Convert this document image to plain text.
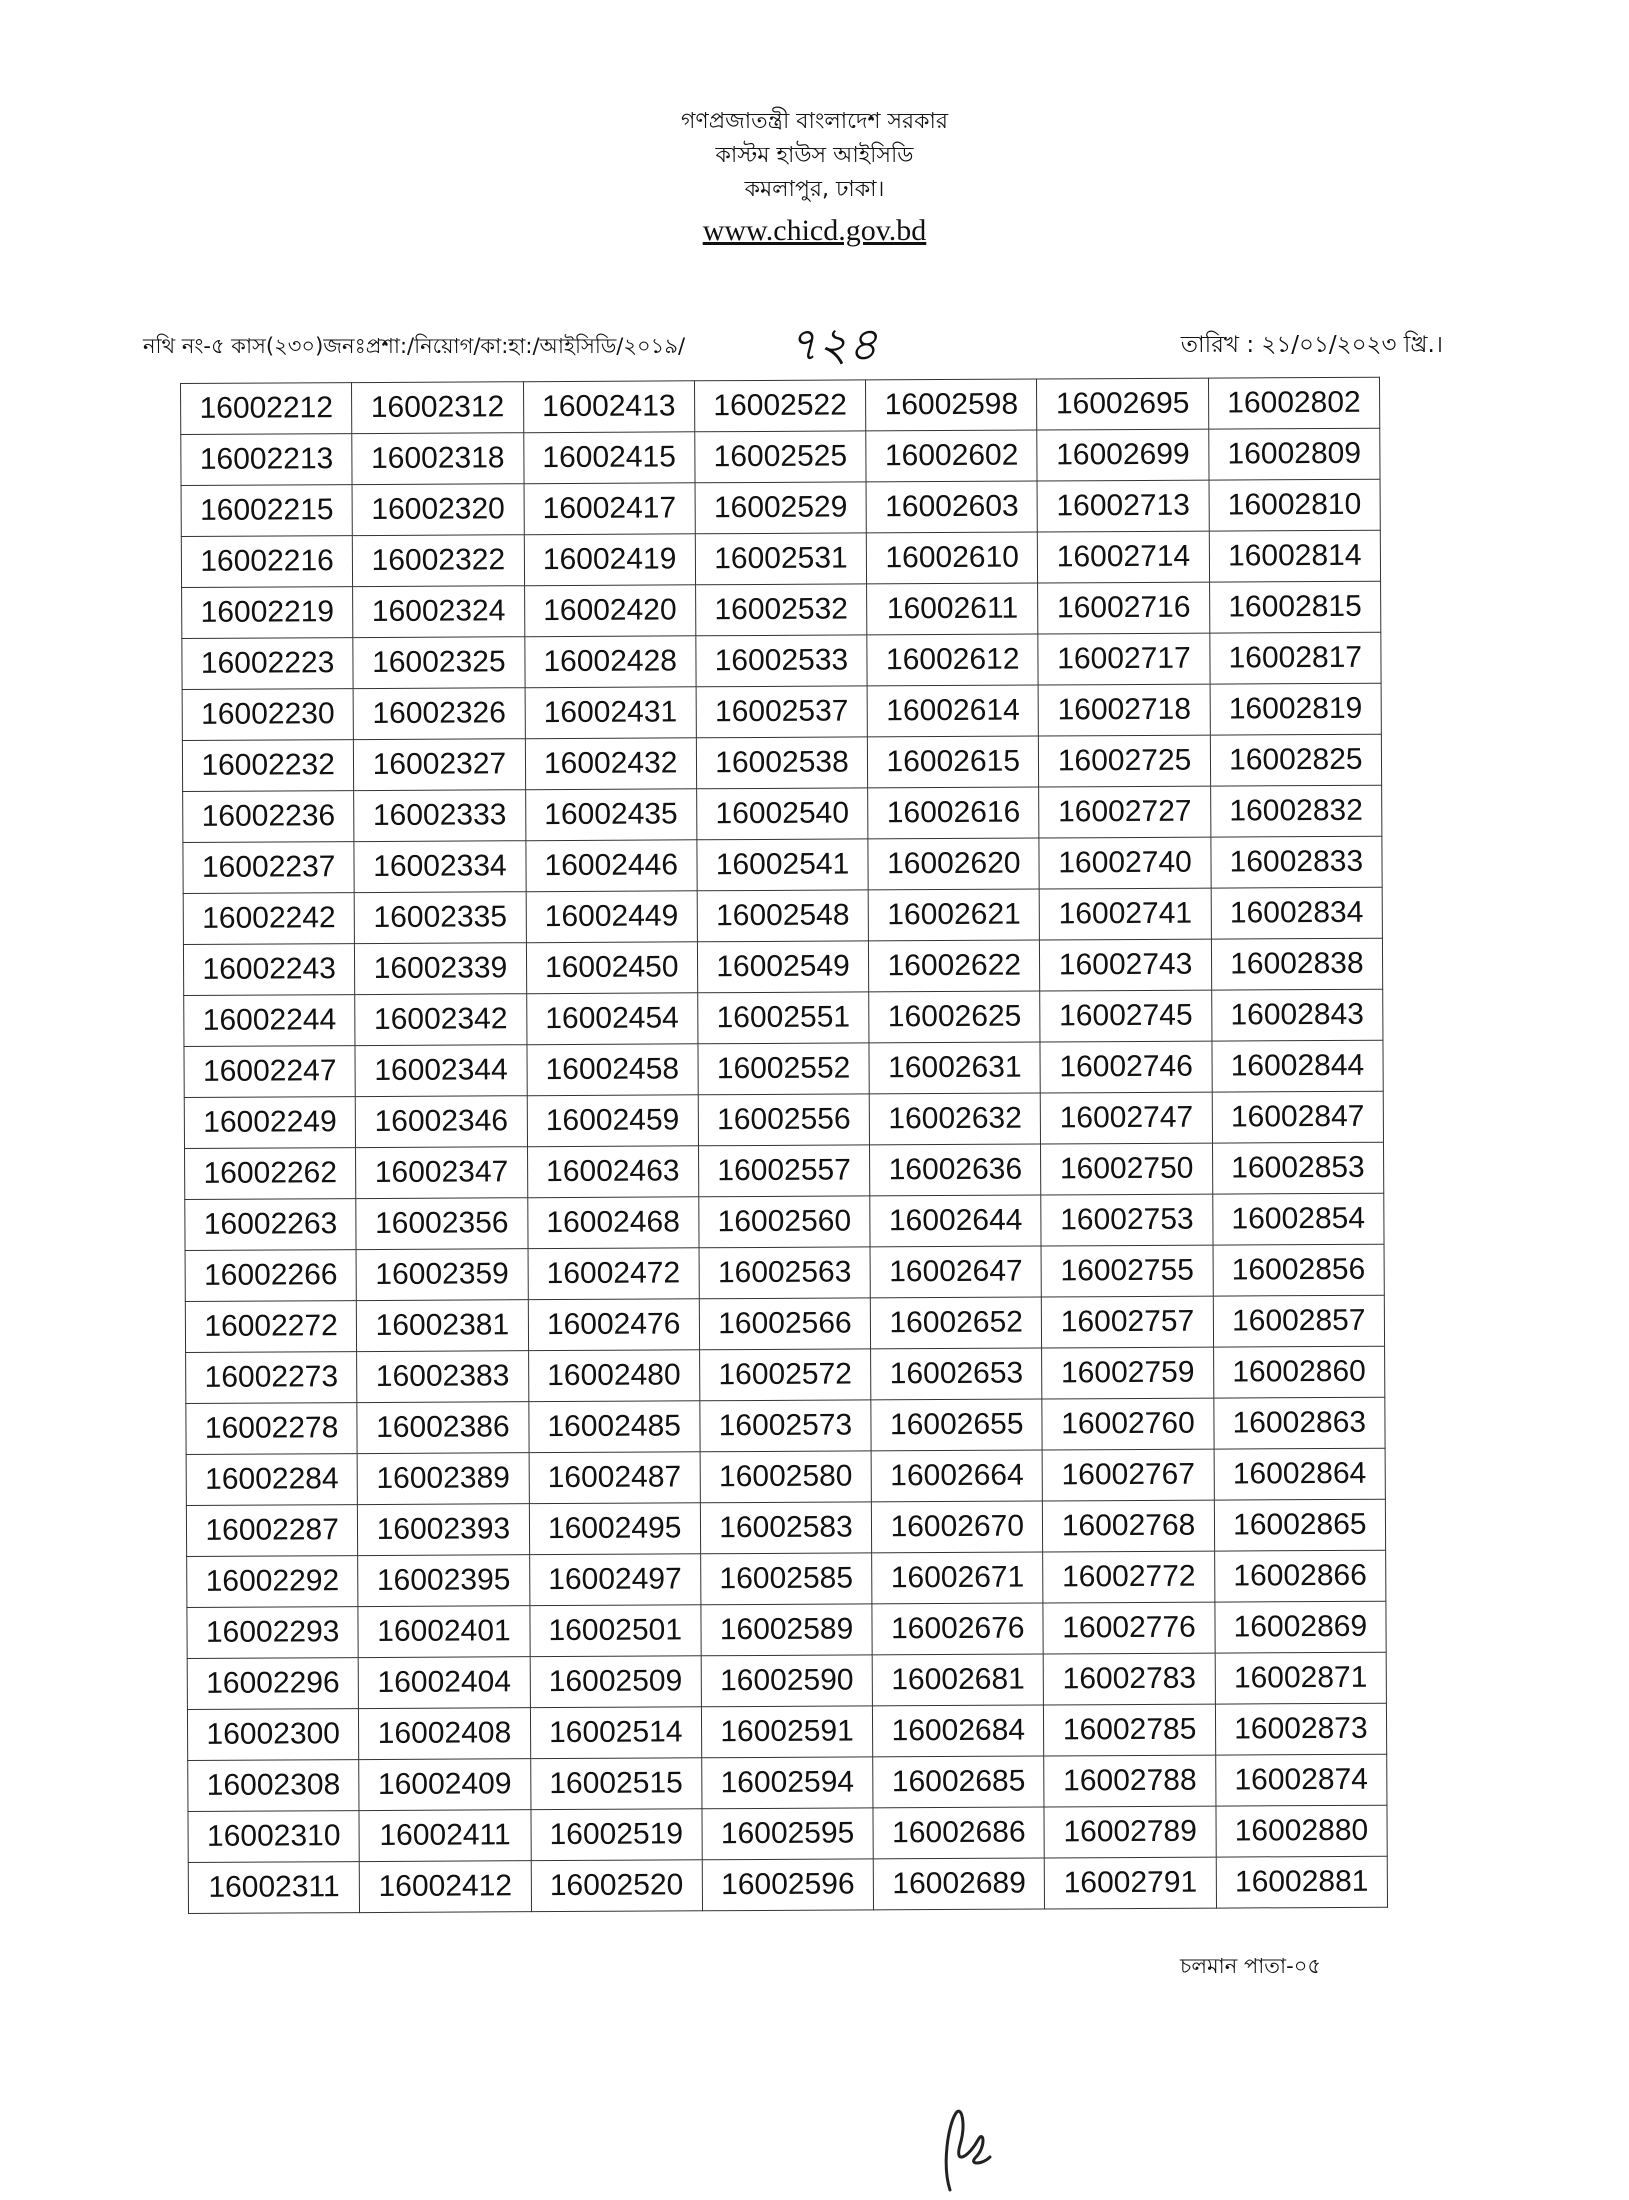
গণপ্রজাতন্ত্রী বাংলাদেশ সরকার
কাস্টম হাউস আইসিডি
কমলাপুর, ঢাকা।
www.chicd.gov.bd
নথি নং-৫ কাস(২৩০)জনঃপ্রশা:/নিয়োগ/কা:হা:/আইসিডি/২০১৯/ ৭২৪	তারিখ : ২১/০১/২০২৩ খ্রি.।
16002212	16002312	16002413	16002522	16002598	16002695	16002802
16002213	16002318	16002415	16002525	16002602	16002699	16002809
16002215	16002320	16002417	16002529	16002603	16002713	16002810
16002216	16002322	16002419	16002531	16002610	16002714	16002814
16002219	16002324	16002420	16002532	16002611	16002716	16002815
16002223	16002325	16002428	16002533	16002612	16002717	16002817
16002230	16002326	16002431	16002537	16002614	16002718	16002819
16002232	16002327	16002432	16002538	16002615	16002725	16002825
16002236	16002333	16002435	16002540	16002616	16002727	16002832
16002237	16002334	16002446	16002541	16002620	16002740	16002833
16002242	16002335	16002449	16002548	16002621	16002741	16002834
16002243	16002339	16002450	16002549	16002622	16002743	16002838
16002244	16002342	16002454	16002551	16002625	16002745	16002843
16002247	16002344	16002458	16002552	16002631	16002746	16002844
16002249	16002346	16002459	16002556	16002632	16002747	16002847
16002262	16002347	16002463	16002557	16002636	16002750	16002853
16002263	16002356	16002468	16002560	16002644	16002753	16002854
16002266	16002359	16002472	16002563	16002647	16002755	16002856
16002272	16002381	16002476	16002566	16002652	16002757	16002857
16002273	16002383	16002480	16002572	16002653	16002759	16002860
16002278	16002386	16002485	16002573	16002655	16002760	16002863
16002284	16002389	16002487	16002580	16002664	16002767	16002864
16002287	16002393	16002495	16002583	16002670	16002768	16002865
16002292	16002395	16002497	16002585	16002671	16002772	16002866
16002293	16002401	16002501	16002589	16002676	16002776	16002869
16002296	16002404	16002509	16002590	16002681	16002783	16002871
16002300	16002408	16002514	16002591	16002684	16002785	16002873
16002308	16002409	16002515	16002594	16002685	16002788	16002874
16002310	16002411	16002519	16002595	16002686	16002789	16002880
16002311	16002412	16002520	16002596	16002689	16002791	16002881
চলমান পাতা-০৫
